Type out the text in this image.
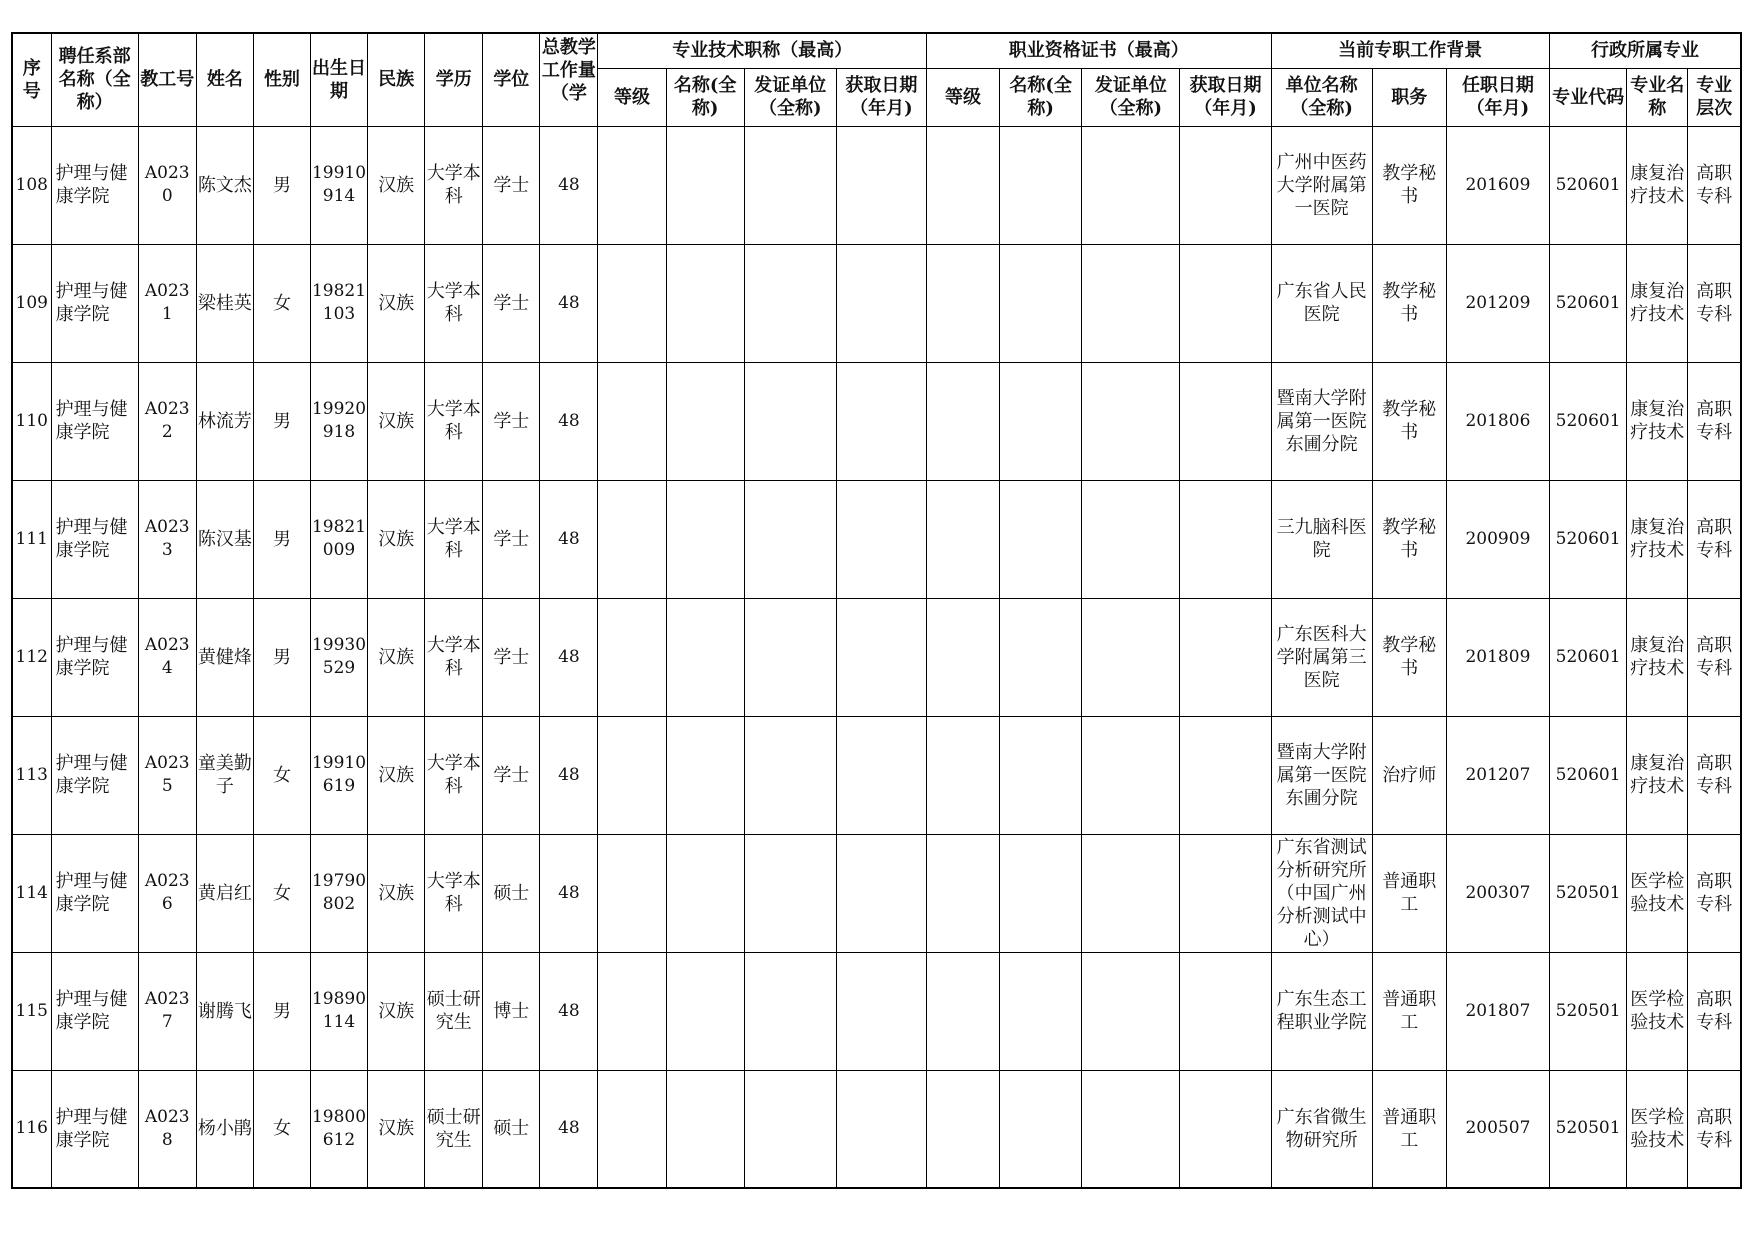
序号	聘任系部名称（全称）	教工号	姓名	性别	出生日期	民族	学历	学位	总教学工作量（学	专业技术职称（最高）				职业资格证书（最高）				当前专职工作背景			行政所属专业		
										等级	名称(全称)	发证单位（全称)	获取日期（年月)	等级	名称(全称)	发证单位（全称)	获取日期（年月)	单位名称（全称)	职务	任职日期（年月)	专业代码	专业名称	专业层次
108	护理与健康学院	A0230	陈文杰	男	19910914	汉族	大学本科	学士	48									广州中医药大学附属第一医院	教学秘书	201609	520601	康复治疗技术	高职专科
109	护理与健康学院	A0231	梁桂英	女	19821103	汉族	大学本科	学士	48									广东省人民医院	教学秘书	201209	520601	康复治疗技术	高职专科
110	护理与健康学院	A0232	林流芳	男	19920918	汉族	大学本科	学士	48									暨南大学附属第一医院东圃分院	教学秘书	201806	520601	康复治疗技术	高职专科
111	护理与健康学院	A0233	陈汉基	男	19821009	汉族	大学本科	学士	48									三九脑科医院	教学秘书	200909	520601	康复治疗技术	高职专科
112	护理与健康学院	A0234	黄健烽	男	19930529	汉族	大学本科	学士	48									广东医科大学附属第三医院	教学秘书	201809	520601	康复治疗技术	高职专科
113	护理与健康学院	A0235	童美勤子	女	19910619	汉族	大学本科	学士	48									暨南大学附属第一医院东圃分院	治疗师	201207	520601	康复治疗技术	高职专科
114	护理与健康学院	A0236	黄启红	女	19790802	汉族	大学本科	硕士	48									广东省测试分析研究所（中国广州分析测试中心）	普通职工	200307	520501	医学检验技术	高职专科
115	护理与健康学院	A0237	谢腾飞	男	19890114	汉族	硕士研究生	博士	48									广东生态工程职业学院	普通职工	201807	520501	医学检验技术	高职专科
116	护理与健康学院	A0238	杨小鹃	女	19800612	汉族	硕士研究生	硕士	48									广东省微生物研究所	普通职工	200507	520501	医学检验技术	高职专科
